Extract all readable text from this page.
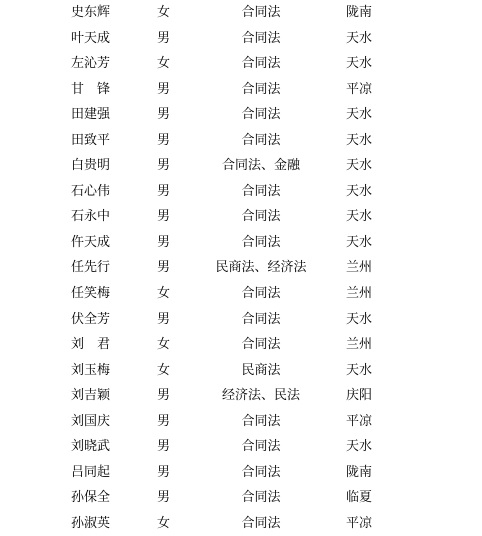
史东辉	女	合同法	陇南
叶天成	男	合同法	天水
左沁芳	女	合同法	天水
甘　锋	男	合同法	平凉
田建强	男	合同法	天水
田致平	男	合同法	天水
白贵明	男	合同法、金融	天水
石心伟	男	合同法	天水
石永中	男	合同法	天水
仵天成	男	合同法	天水
任先行	男	民商法、经济法	兰州
任笑梅	女	合同法	兰州
伏全芳	男	合同法	天水
刘　君	女	合同法	兰州
刘玉梅	女	民商法	天水
刘吉颖	男	经济法、民法	庆阳
刘国庆	男	合同法	平凉
刘晓武	男	合同法	天水
吕同起	男	合同法	陇南
孙保全	男	合同法	临夏
孙淑英	女	合同法	平凉
